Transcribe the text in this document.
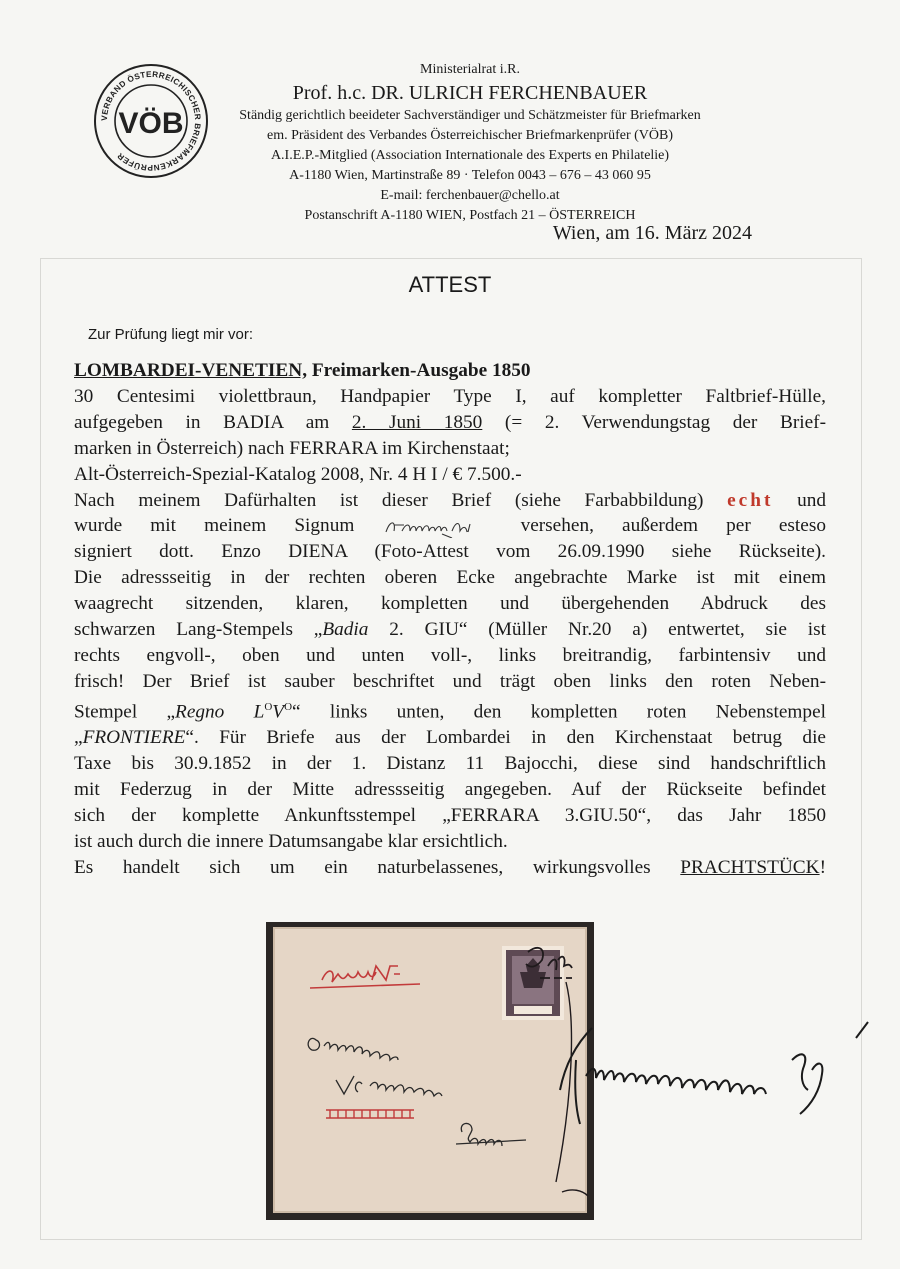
VERBAND ÖSTERREICHISCHER BRIEFMARKENPRÜFER
VÖB
Ministerialrat i.R.
Prof. h.c. DR. ULRICH FERCHENBAUER
Ständig gerichtlich beeideter Sachverständiger und Schätzmeister für Briefmarken
em. Präsident des Verbandes Österreichischer Briefmarkenprüfer (VÖB)
A.I.E.P.-Mitglied (Association Internationale des Experts en Philatelie)
A-1180 Wien, Martinstraße 89 · Telefon 0043 – 676 – 43 060 95
E-mail: ferchenbauer@chello.at
Postanschrift A-1180 WIEN, Postfach 21 – ÖSTERREICH
Wien, am 16. März 2024
ATTEST
Zur Prüfung liegt mir vor:
LOMBARDEI-VENETIEN, Freimarken-Ausgabe 1850
30 Centesimi violettbraun, Handpapier Type I, auf kompletter Faltbrief-Hülle,
aufgegeben in BADIA am 2. Juni 1850 (= 2. Verwendungstag der Brief-
marken in Österreich) nach FERRARA im Kirchenstaat;
Alt-Österreich-Spezial-Katalog 2008, Nr. 4 H I / € 7.500.-
Nach meinem Dafürhalten ist dieser Brief (siehe Farbabbildung) echt und
wurde mit meinem Signum	versehen, außerdem per esteso
signiert dott. Enzo DIENA (Foto-Attest vom 26.09.1990 siehe Rückseite).
Die adressseitig in der rechten oberen Ecke angebrachte Marke ist mit einem
waagrecht sitzenden, klaren, kompletten und übergehenden Abdruck des
schwarzen Lang-Stempels „Badia 2. GIU“ (Müller Nr.20 a) entwertet, sie ist
rechts engvoll-, oben und unten voll-, links breitrandig, farbintensiv und
frisch! Der Brief ist sauber beschriftet und trägt oben links den roten Neben-
Stempel „Regno $L^OV^O“$ links unten, den kompletten roten Nebenstempel
„FRONTIERE“. Für Briefe aus der Lombardei in den Kirchenstaat betrug die
Taxe bis 30.9.1852 in der 1. Distanz 11 Bajocchi, diese sind handschriftlich
mit Federzug in der Mitte adressseitig angegeben. Auf der Rückseite befindet
sich der komplette Ankunftsstempel „FERRARA 3.GIU.50“, das Jahr 1850
ist auch durch die innere Datumsangabe klar ersichtlich.
Es handelt sich um ein naturbelassenes, wirkungsvolles PRACHTSTÜCK!
